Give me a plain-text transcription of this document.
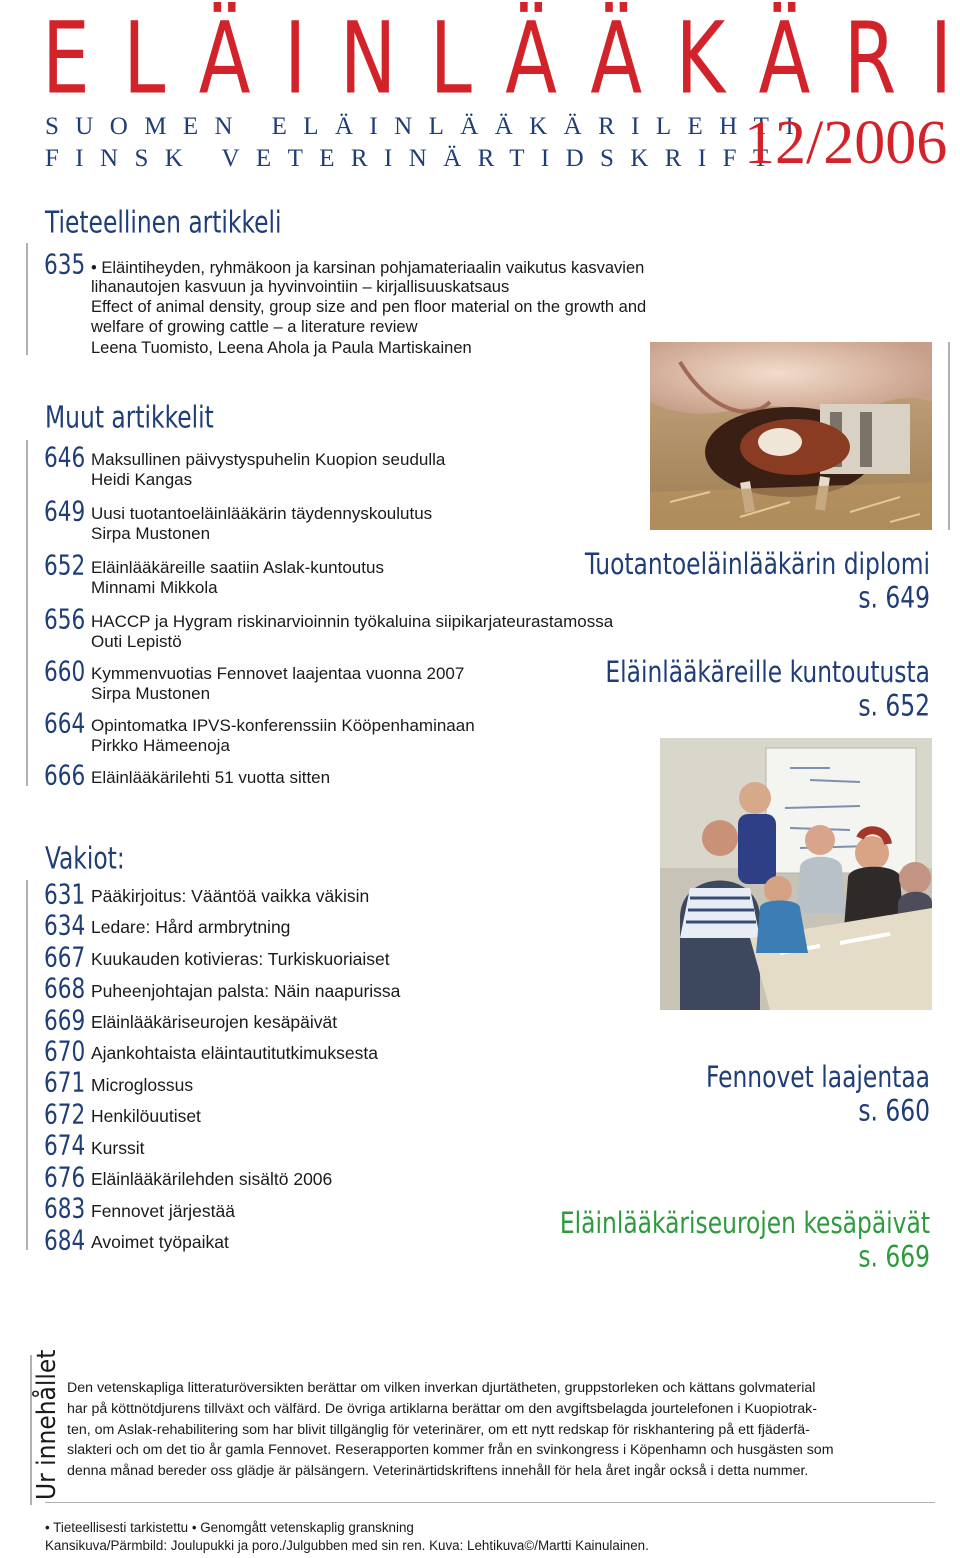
E L Ä I N L Ä Ä K Ä R I
SUOMEN ELÄINLÄÄKÄRILEHTI
FINSK VETERINÄRTIDSKRIFT
12/2006
Tieteellinen artikkeli
635 • Eläintiheyden, ryhmäkoon ja karsinan pohjamateriaalin vaikutus kasvavien
lihanautojen kasvuun ja hyvinvointiin – kirjallisuuskatsaus
Effect of animal density, group size and pen floor material on the growth and
welfare of growing cattle – a literature review
Leena Tuomisto, Leena Ahola ja Paula Martiskainen
Muut artikkelit
646 Maksullinen päivystyspuhelin Kuopion seudulla
Heidi Kangas
649 Uusi tuotantoeläinlääkärin täydennyskoulutus
Sirpa Mustonen
652 Eläinlääkäreille saatiin Aslak-kuntoutus
Minnami Mikkola
656 HACCP ja Hygram riskinarvioinnin työkaluina siipikarjateurastamossa
Outi Lepistö
660 Kymmenvuotias Fennovet laajentaa vuonna 2007
Sirpa Mustonen
664 Opintomatka IPVS-konferenssiin Kööpenhaminaan
Pirkko Hämeenoja
666 Eläinlääkärilehti 51 vuotta sitten
Tuotantoeläinlääkärin diplomi
s. 649
Eläinlääkäreille kuntoutusta
s. 652
Fennovet laajentaa
s. 660
Eläinlääkäriseurojen kesäpäivät
s. 669
Vakiot:
631 Pääkirjoitus: Vääntöä vaikka väkisin
634 Ledare: Hård armbrytning
667 Kuukauden kotivieras: Turkiskuoriaiset
668 Puheenjohtajan palsta: Näin naapurissa
669 Eläinlääkäriseurojen kesäpäivät
670 Ajankohtaista eläintautitutkimuksesta
671 Microglossus
672 Henkilöuutiset
674 Kurssit
676 Eläinlääkärilehden sisältö 2006
683 Fennovet järjestää
684 Avoimet työpaikat
Ur innehållet Den vetenskapliga litteraturöversikten berättar om vilken inverkan djurtätheten, gruppstorleken och kättans golvmaterial
har på köttnötdjurens tillväxt och välfärd. De övriga artiklarna berättar om den avgiftsbelagda jourtelefonen i Kuopiotrak-
ten, om Aslak-rehabilitering som har blivit tillgänglig för veterinärer, om ett nytt redskap för riskhantering på ett fjäderfä-
slakteri och om det tio år gamla Fennovet. Reserapporten kommer från en svinkongress i Köpenhamn och husgästen som
denna månad bereder oss glädje är pälsängern. Veterinärtidskriftens innehåll för hela året ingår också i detta nummer.
• Tieteellisesti tarkistettu • Genomgått vetenskaplig granskning
Kansikuva/Pärmbild: Joulupukki ja poro./Julgubben med sin ren. Kuva: Lehtikuva©/Martti Kainulainen.
